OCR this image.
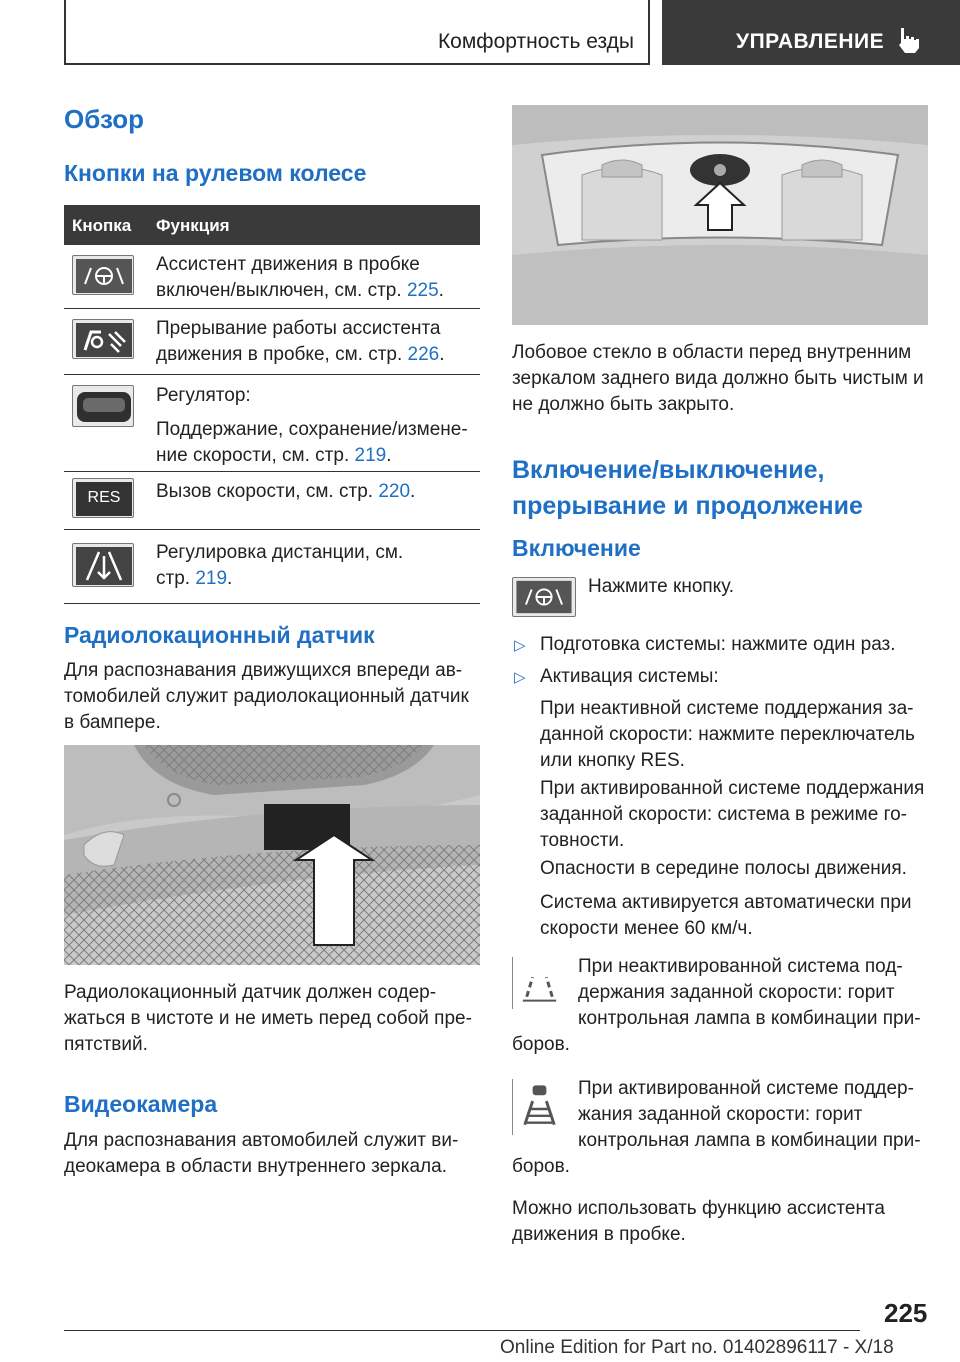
Комфортность езды	УПРАВЛЕНИЕ
Обзор
Кнопки на рулевом колесе
Кнопка Функция
Ассистент движения в пробке
включен/выключен, см. стр. 225.
Прерывание работы ассистента
движения в пробке, см. стр. 226.
Регулятор:
Поддержание, сохранение/измене-
ние скорости, см. стр. 219.
RES	Вызов скорости, см. стр. 220.
Регулировка дистанции, см.
стр. 219.
Радиолокационный датчик
Для распознавания движущихся впереди ав-
томобилей служит радиолокационный датчик
в бампере.
Радиолокационный датчик должен содер-
жаться в чистоте и не иметь перед собой пре-
пятствий.
Видеокамера
Для распознавания автомобилей служит ви-
деокамера в области внутреннего зеркала.
Лобовое стекло в области перед внутренним
зеркалом заднего вида должно быть чистым и
не должно быть закрыто.
Включение/выключение,
прерывание и продолжение
Включение
Нажмите кнопку.
▷ Подготовка системы: нажмите один раз.
▷ Активация системы:
При неактивной системе поддержания за-
данной скорости: нажмите переключатель
или кнопку RES.
При активированной системе поддержания
заданной скорости: система в режиме го-
товности.
Опасности в середине полосы движения.
Система активируется автоматически при
скорости менее 60 км/ч.
При неактивированной система под-
держания заданной скорости: горит
контрольная лампа в комбинации при-
боров.
При активированной системе поддер-
жания заданной скорости: горит
контрольная лампа в комбинации при-
боров.
Можно использовать функцию ассистента
движения в пробке.
225
Online Edition for Part no. 01402896117 - X/18
